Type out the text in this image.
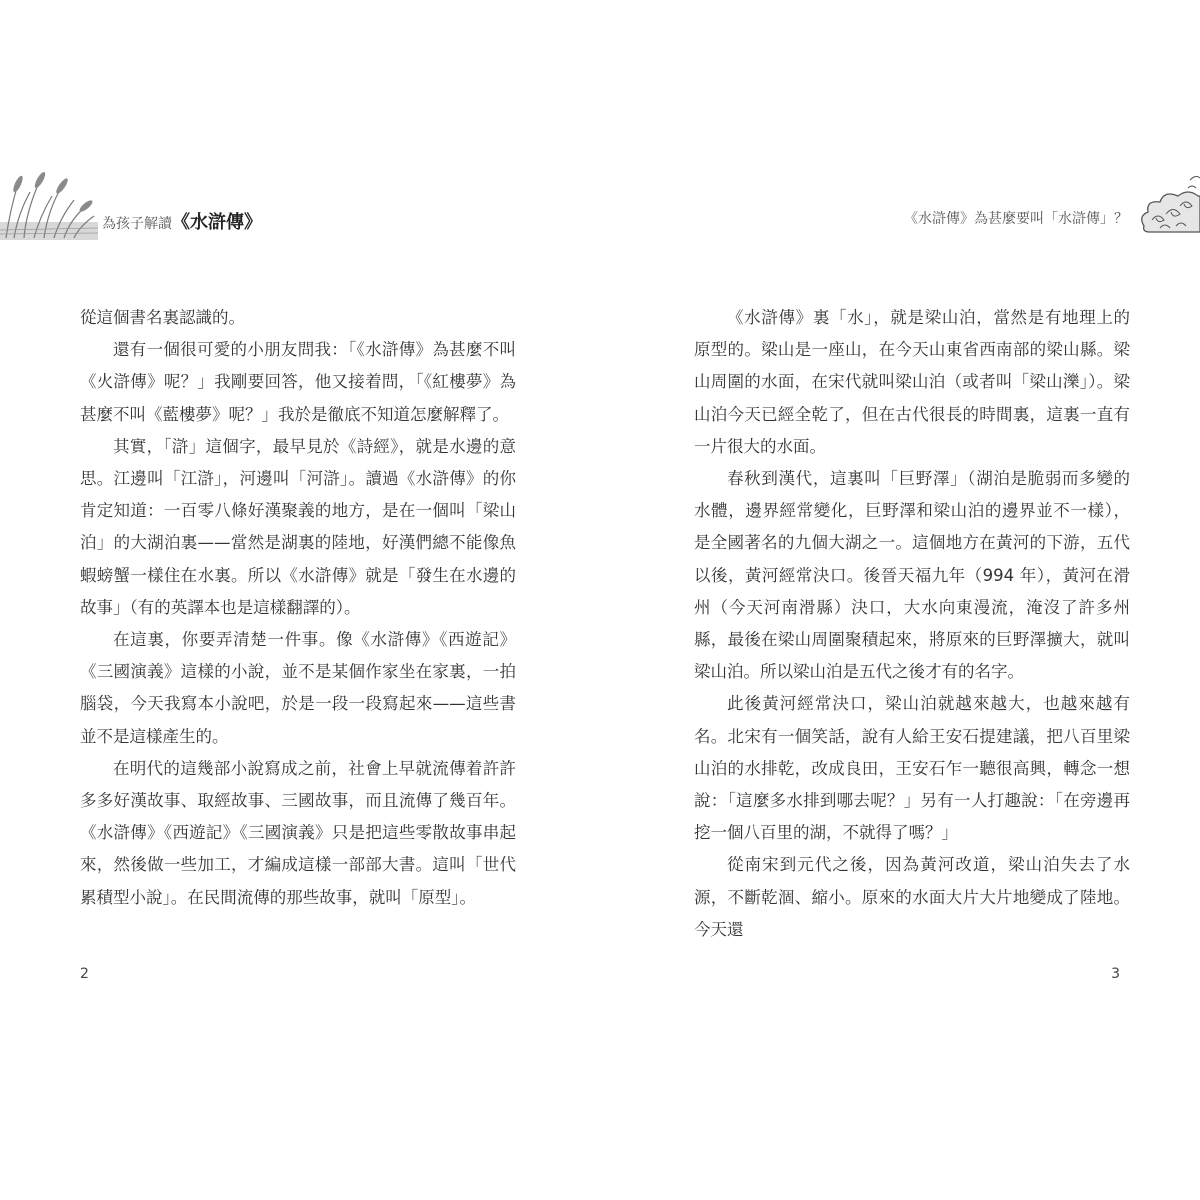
為孩子解讀《水滸傳》

從這個書名裏認識的。

還有一個很可愛的小朋友問我：「《水滸傳》為甚麼不叫《火滸傳》呢？」我剛要回答，他又接着問，「《紅樓夢》為甚麼不叫《藍樓夢》呢？」我於是徹底不知道怎麼解釋了。

其實，「滸」這個字，最早見於《詩經》，就是水邊的意思。江邊叫「江滸」，河邊叫「河滸」。讀過《水滸傳》的你肯定知道：一百零八條好漢聚義的地方，是在一個叫「梁山泊」的大湖泊裏——當然是湖裏的陸地，好漢們總不能像魚蝦螃蟹一樣住在水裏。所以《水滸傳》就是「發生在水邊的故事」（有的英譯本也是這樣翻譯的）。

在這裏，你要弄清楚一件事。像《水滸傳》《西遊記》《三國演義》這樣的小說，並不是某個作家坐在家裏，一拍腦袋，今天我寫本小說吧，於是一段一段寫起來——這些書並不是這樣產生的。

在明代的這幾部小說寫成之前，社會上早就流傳着許許多多好漢故事、取經故事、三國故事，而且流傳了幾百年。《水滸傳》《西遊記》《三國演義》只是把這些零散故事串起來，然後做一些加工，才編成這樣一部部大書。這叫「世代累積型小說」。在民間流傳的那些故事，就叫「原型」。

2
《水滸傳》為甚麼要叫「水滸傳」？

《水滸傳》裏「水」，就是梁山泊，當然是有地理上的原型的。梁山是一座山，在今天山東省西南部的梁山縣。梁山周圍的水面，在宋代就叫梁山泊（或者叫「梁山濼」）。梁山泊今天已經全乾了，但在古代很長的時間裏，這裏一直有一片很大的水面。

春秋到漢代，這裏叫「巨野澤」（湖泊是脆弱而多變的水體，邊界經常變化，巨野澤和梁山泊的邊界並不一樣），是全國著名的九個大湖之一。這個地方在黃河的下游，五代以後，黃河經常決口。後晉天福九年（994 年），黃河在滑州（今天河南滑縣）決口，大水向東漫流，淹沒了許多州縣，最後在梁山周圍聚積起來，將原來的巨野澤擴大，就叫梁山泊。所以梁山泊是五代之後才有的名字。

此後黃河經常決口，梁山泊就越來越大，也越來越有名。北宋有一個笑話，說有人給王安石提建議，把八百里梁山泊的水排乾，改成良田，王安石乍一聽很高興，轉念一想說：「這麼多水排到哪去呢？」另有一人打趣說：「在旁邊再挖一個八百里的湖，不就得了嗎？」

從南宋到元代之後，因為黃河改道，梁山泊失去了水源，不斷乾涸、縮小。原來的水面大片大片地變成了陸地。今天還

3
